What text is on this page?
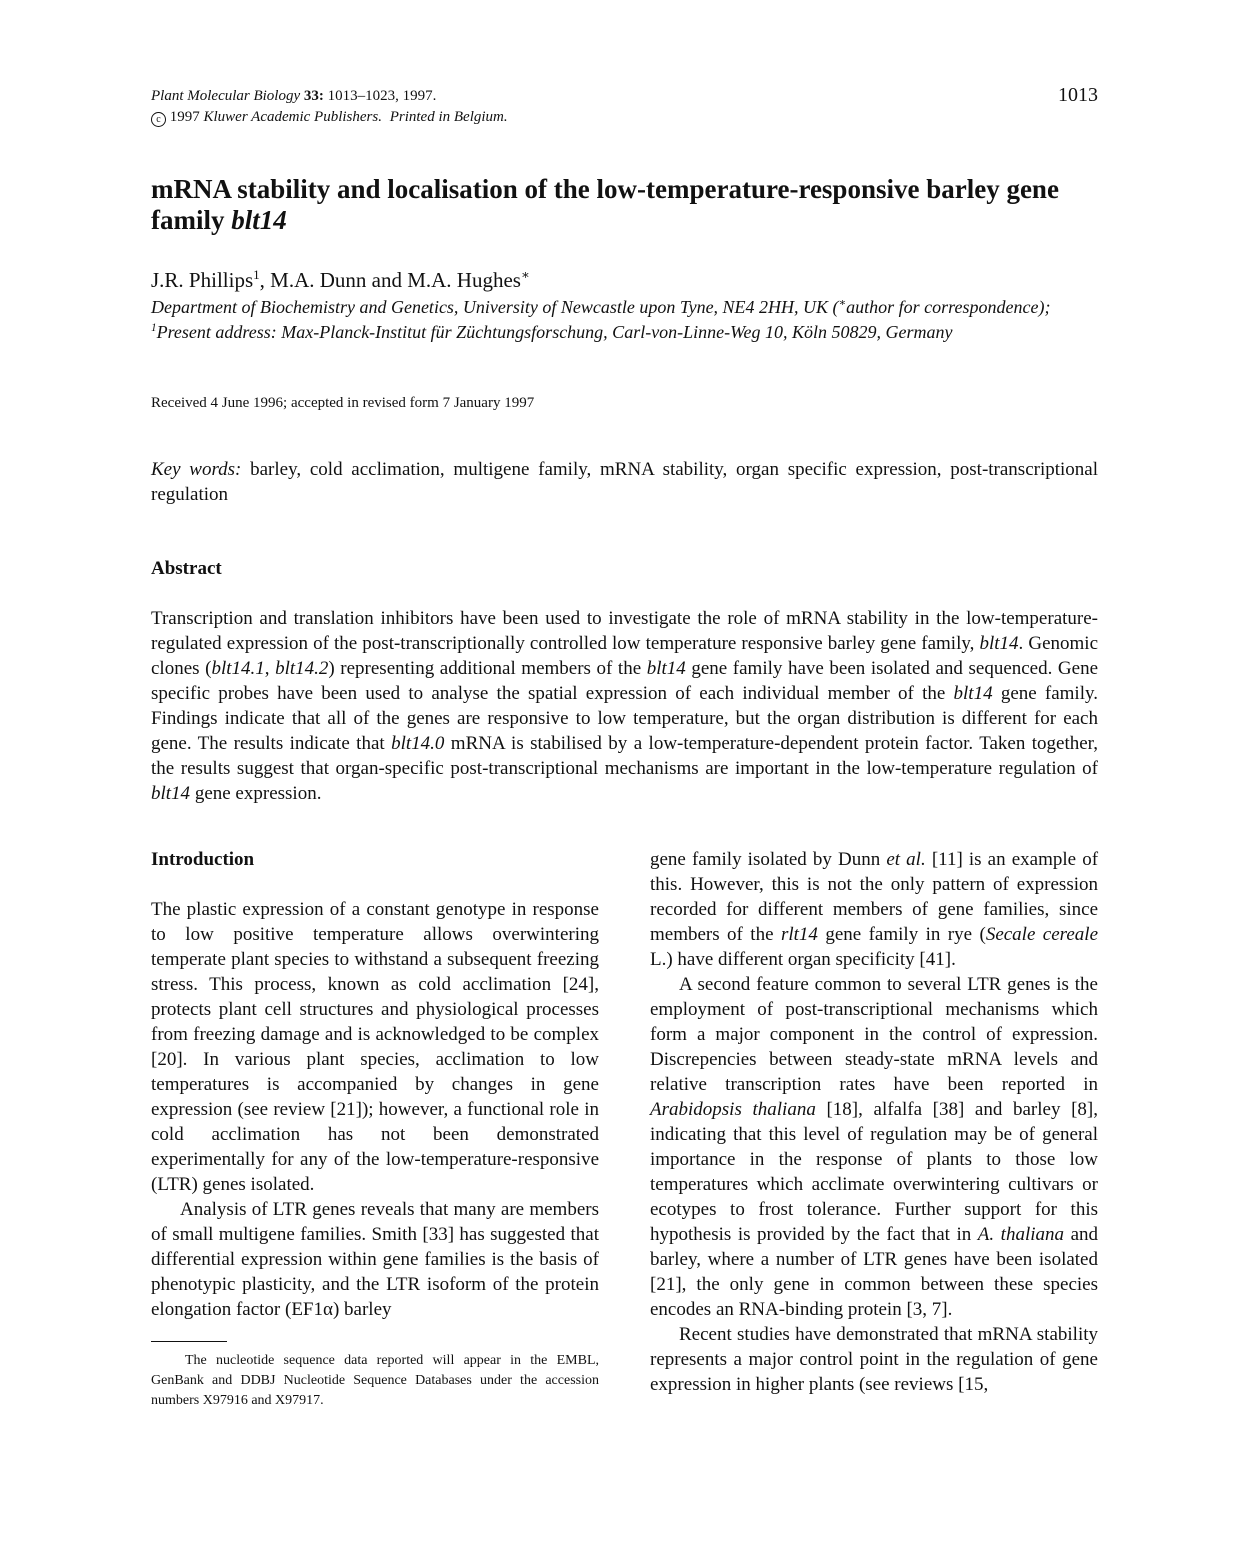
Plant Molecular Biology 33: 1013–1023, 1997.
c 1997 Kluwer Academic Publishers. Printed in Belgium.
1013
mRNA stability and localisation of the low-temperature-responsive barley gene family blt14
J.R. Phillips$^1$, M.A. Dunn and M.A. Hughes∗
Department of Biochemistry and Genetics, University of Newcastle upon Tyne, NE4 2HH, UK (∗author for correspondence); $^1$Present address: Max-Planck-Institut für Züchtungsforschung, Carl-von-Linne-Weg 10, Köln 50829, Germany
Received 4 June 1996; accepted in revised form 7 January 1997
Key words: barley, cold acclimation, multigene family, mRNA stability, organ specific expression, post-transcriptional regulation
Abstract
Transcription and translation inhibitors have been used to investigate the role of mRNA stability in the low-temperature-regulated expression of the post-transcriptionally controlled low temperature responsive barley gene family, blt14. Genomic clones (blt14.1, blt14.2) representing additional members of the blt14 gene family have been isolated and sequenced. Gene specific probes have been used to analyse the spatial expression of each individual member of the blt14 gene family. Findings indicate that all of the genes are responsive to low temperature, but the organ distribution is different for each gene. The results indicate that blt14.0 mRNA is stabilised by a low-temperature-dependent protein factor. Taken together, the results suggest that organ-specific post-transcriptional mechanisms are important in the low-temperature regulation of blt14 gene expression.
Introduction

The plastic expression of a constant genotype in response to low positive temperature allows overwintering temperate plant species to withstand a subsequent freezing stress. This process, known as cold acclimation [24], protects plant cell structures and physiological processes from freezing damage and is acknowledged to be complex [20]. In various plant species, acclimation to low temperatures is accompanied by changes in gene expression (see review [21]); however, a functional role in cold acclimation has not been demonstrated experimentally for any of the low-temperature-responsive (LTR) genes isolated.

Analysis of LTR genes reveals that many are members of small multigene families. Smith [33] has suggested that differential expression within gene families is the basis of phenotypic plasticity, and the LTR isoform of the protein elongation factor (EF1α) barley

gene family isolated by Dunn et al. [11] is an example of this. However, this is not the only pattern of expression recorded for different members of gene families, since members of the rlt14 gene family in rye (Secale cereale L.) have different organ specificity [41].

A second feature common to several LTR genes is the employment of post-transcriptional mechanisms which form a major component in the control of expression. Discrepencies between steady-state mRNA levels and relative transcription rates have been reported in Arabidopsis thaliana [18], alfalfa [38] and barley [8], indicating that this level of regulation may be of general importance in the response of plants to those low temperatures which acclimate overwintering cultivars or ecotypes to frost tolerance. Further support for this hypothesis is provided by the fact that in A. thaliana and barley, where a number of LTR genes have been isolated [21], the only gene in common between these species encodes an RNA-binding protein [3, 7].

Recent studies have demonstrated that mRNA stability represents a major control point in the regulation of gene expression in higher plants (see reviews [15,

The nucleotide sequence data reported will appear in the EMBL, GenBank and DDBJ Nucleotide Sequence Databases under the accession numbers X97916 and X97917.
